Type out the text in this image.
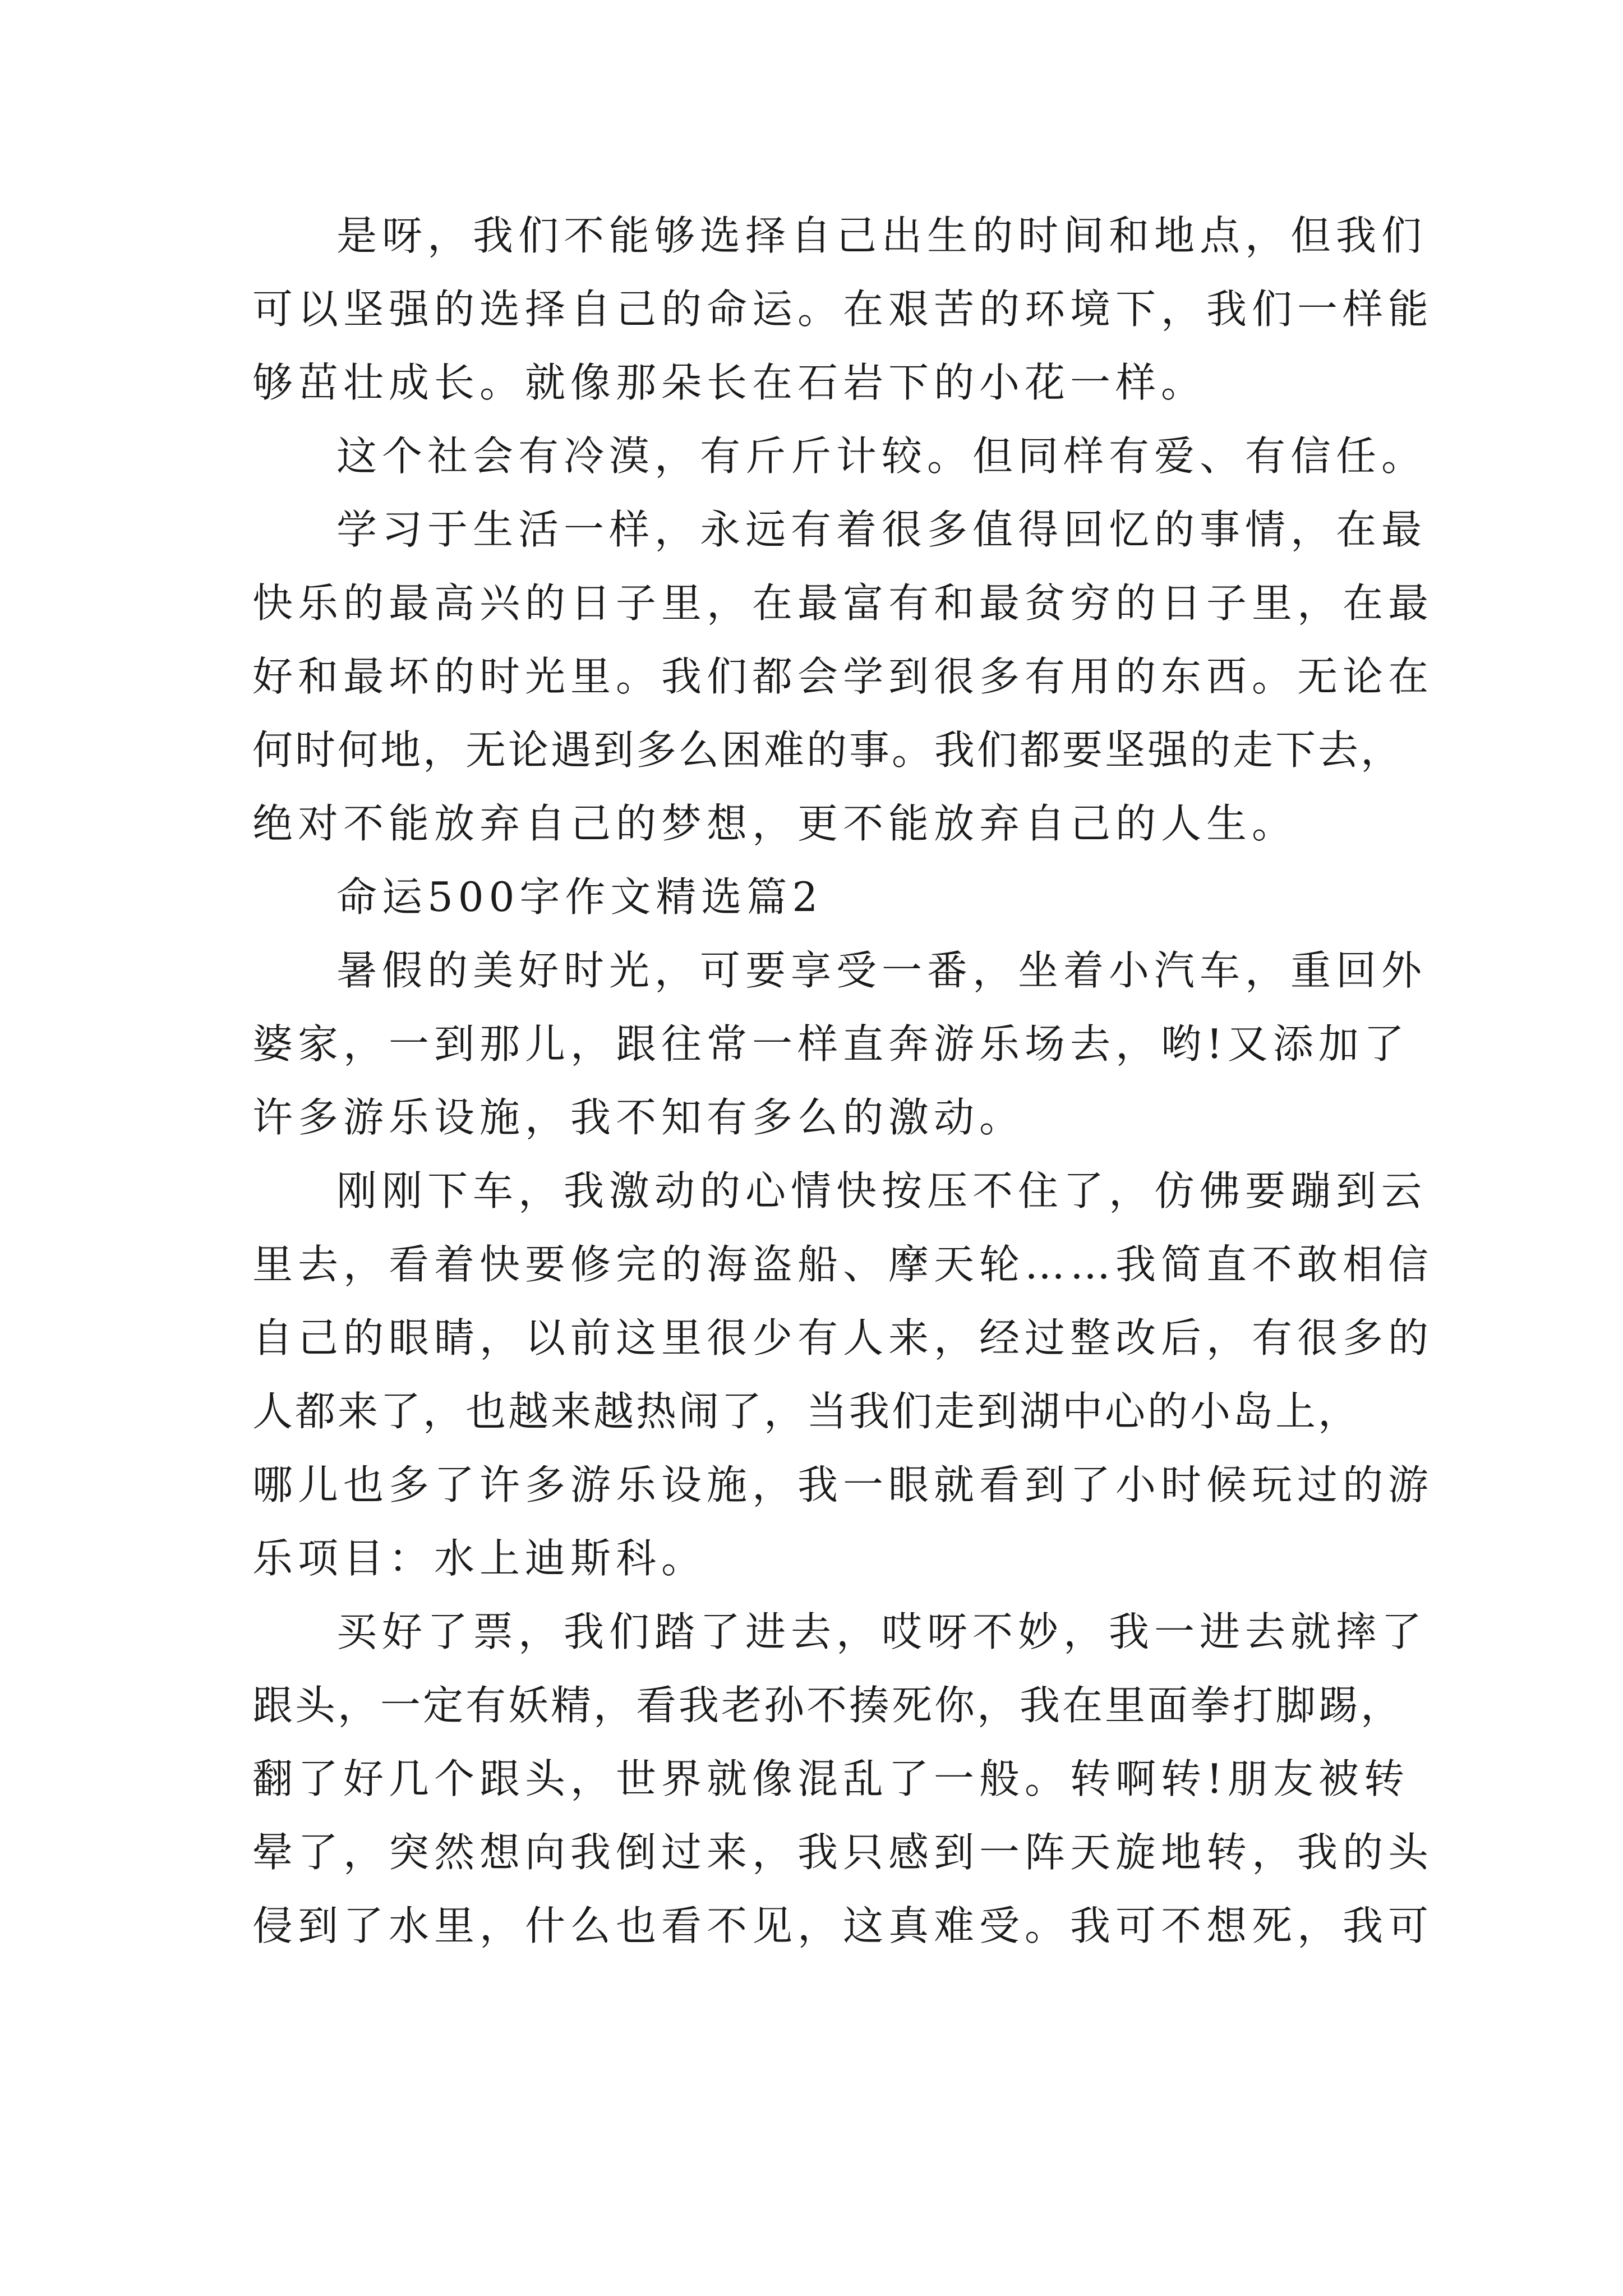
是呀，我们不能够选择自己出生的时间和地点，但我们
可以坚强的选择自己的命运。在艰苦的环境下，我们一样能
够茁壮成长。就像那朵长在石岩下的小花一样。
这个社会有冷漠，有斤斤计较。但同样有爱、有信任。
学习于生活一样，永远有着很多值得回忆的事情，在最
快乐的最高兴的日子里，在最富有和最贫穷的日子里，在最
好和最坏的时光里。我们都会学到很多有用的东西。无论在
何时何地，无论遇到多么困难的事。我们都要坚强的走下去，
绝对不能放弃自己的梦想，更不能放弃自己的人生。
命运500字作文精选篇2
暑假的美好时光，可要享受一番，坐着小汽车，重回外
婆家，一到那儿，跟往常一样直奔游乐场去，哟!又添加了
许多游乐设施，我不知有多么的激动。
刚刚下车，我激动的心情快按压不住了，仿佛要蹦到云
里去，看着快要修完的海盗船、摩天轮……我简直不敢相信
自己的眼睛，以前这里很少有人来，经过整改后，有很多的
人都来了，也越来越热闹了，当我们走到湖中心的小岛上，
哪儿也多了许多游乐设施，我一眼就看到了小时候玩过的游
乐项目：水上迪斯科。
买好了票，我们踏了进去，哎呀不妙，我一进去就摔了
跟头，一定有妖精，看我老孙不揍死你，我在里面拳打脚踢，
翻了好几个跟头，世界就像混乱了一般。转啊转!朋友被转
晕了，突然想向我倒过来，我只感到一阵天旋地转，我的头
侵到了水里，什么也看不见，这真难受。我可不想死，我可
